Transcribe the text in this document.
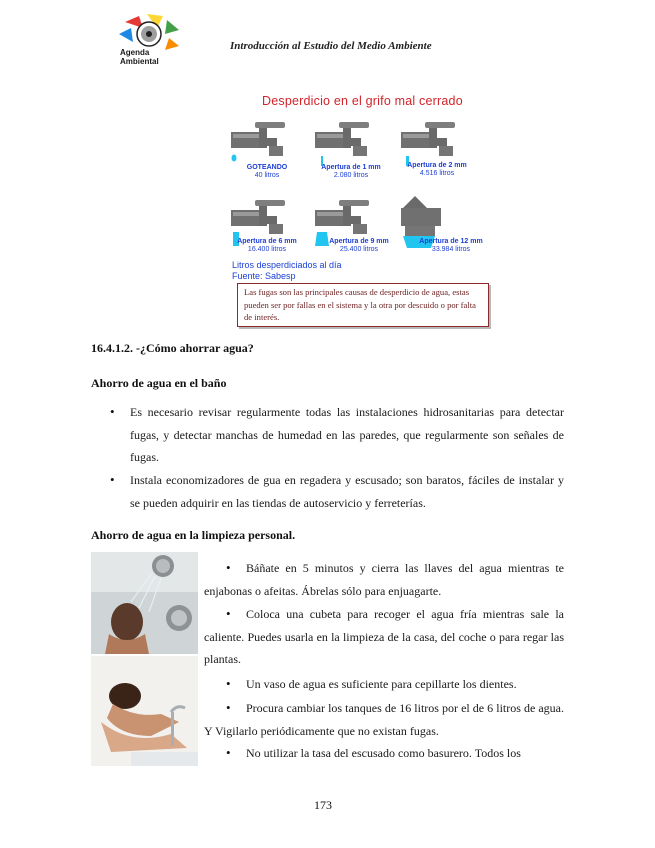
Agenda
Ambiental
Introducción al Estudio del Medio Ambiente
Desperdicio en el grifo mal cerrado
GOTEANDO
40 litros
Apertura de 1 mm
2.080 litros
Apertura de 2 mm
4.516 litros
Apertura de 6 mm
16.400 litros
Apertura de 9 mm
25.400 litros
Apertura de 12 mm
33.984 litros
Litros desperdiciados al día
Fuente: Sabesp
Las fugas son las principales causas de desperdicio de agua, estas pueden ser por fallas en el sistema y la otra por descuido o por falta de interés.
16.4.1.2. -¿Cómo ahorrar agua?
Ahorro de agua en el baño
• Es necesario revisar regularmente todas las instalaciones hidrosanitarias para detectar fugas, y detectar manchas de humedad en las paredes, que regularmente son señales de fugas.
• Instala economizadores de gua en regadera y escusado; son baratos, fáciles de instalar y se pueden adquirir en las tiendas de autoservicio y ferreterías.
Ahorro de agua en la limpieza personal.
•	Báñate en 5 minutos y cierra las llaves del agua mientras te enjabonas o afeitas. Ábrelas sólo para enjuagarte.
•	Coloca una cubeta para recoger el agua fría mientras sale la caliente. Puedes usarla en la limpieza de la casa, del coche o para regar las plantas.
•	Un vaso de agua es suficiente para cepillarte los dientes.
•	Procura cambiar los tanques de 16 litros por el de 6 litros de agua. Y Vigilarlo periódicamente que no existan fugas.
•	No utilizar la tasa del escusado como basurero. Todos los
173
